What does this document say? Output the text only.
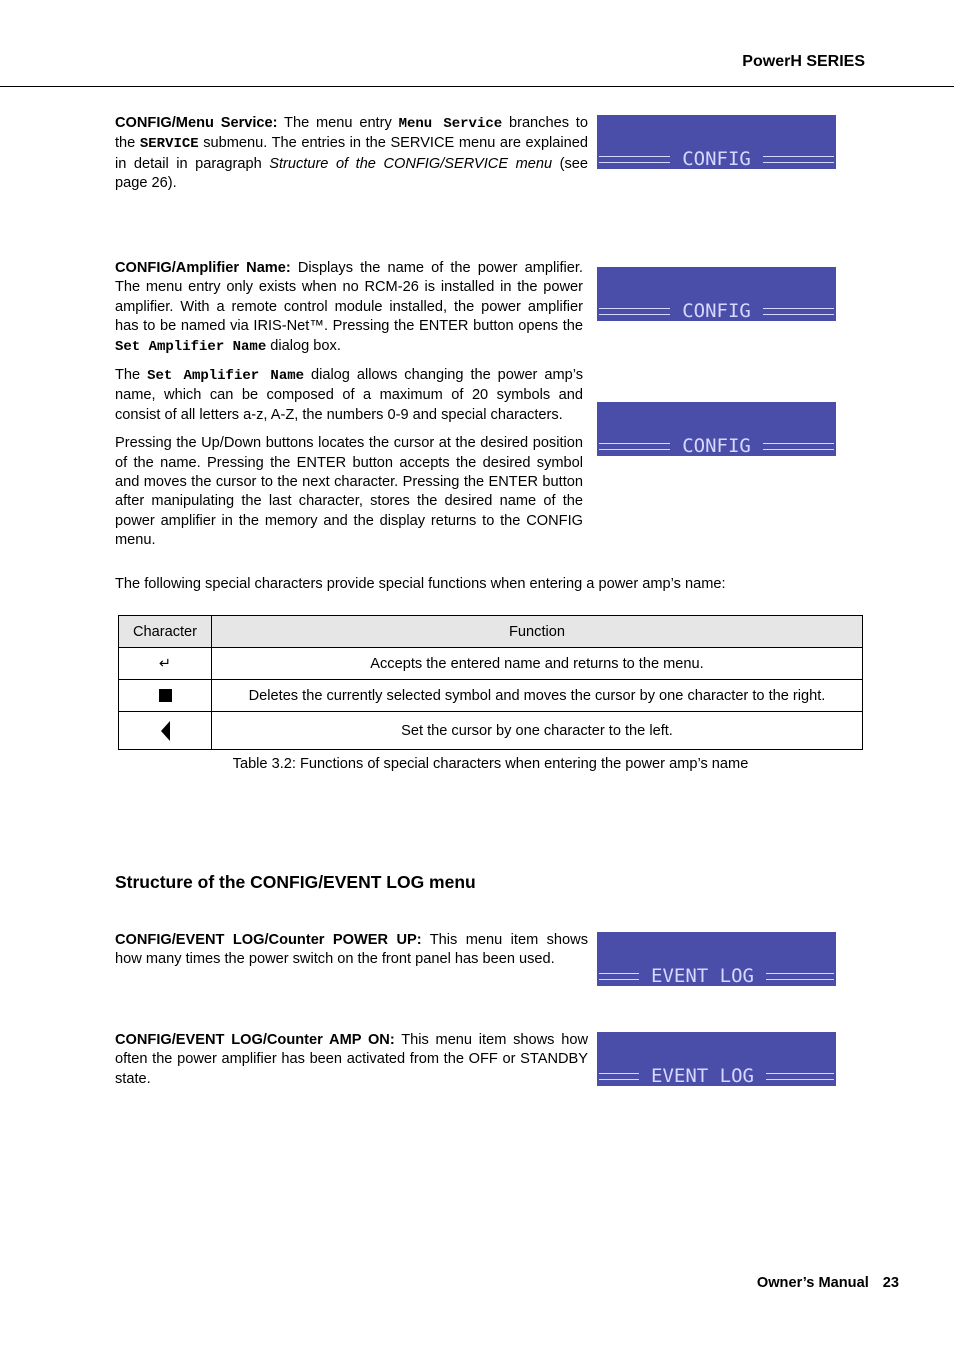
PowerH SERIES

CONFIG/Menu Service: The menu entry Menu Service branches to the SERVICE submenu. The entries in the SERVICE menu are explained in detail in paragraph Structure of the CONFIG/SERVICE menu (see page 26).

CONFIG

CONFIG/Amplifier Name: Displays the name of the power amplifier. The menu entry only exists when no RCM-26 is installed in the power amplifier. With a remote control module installed, the power amplifier has to be named via IRIS-Net™. Pressing the ENTER button opens the Set Amplifier Name dialog box.

The Set Amplifier Name dialog allows changing the power amp’s name, which can be composed of a maximum of 20 symbols and consist of all letters a-z, A-Z, the numbers 0-9 and special characters.

Pressing the Up/Down buttons locates the cursor at the desired position of the name. Pressing the ENTER button accepts the desired symbol and moves the cursor to the next character. Pressing the ENTER button after manipulating the last character, stores the desired name of the power amplifier in the memory and the display returns to the CONFIG menu.

CONFIG

CONFIG

The following special characters provide special functions when entering a power amp’s name:
Character	Function
↵	Accepts the entered name and returns to the menu.
	Deletes the currently selected symbol and moves the cursor by one character to the right.
	Set the cursor by one character to the left.
Table 3.2: Functions of special characters when entering the power amp’s name
Structure of the CONFIG/EVENT LOG menu

CONFIG/EVENT LOG/Counter POWER UP: This menu item shows how many times the power switch on the front panel has been used.

EVENT LOG

CONFIG/EVENT LOG/Counter AMP ON: This menu item shows how often the power amplifier has been activated from the OFF or STANDBY state.

	EVENT LOG

Owner’s Manual 23
